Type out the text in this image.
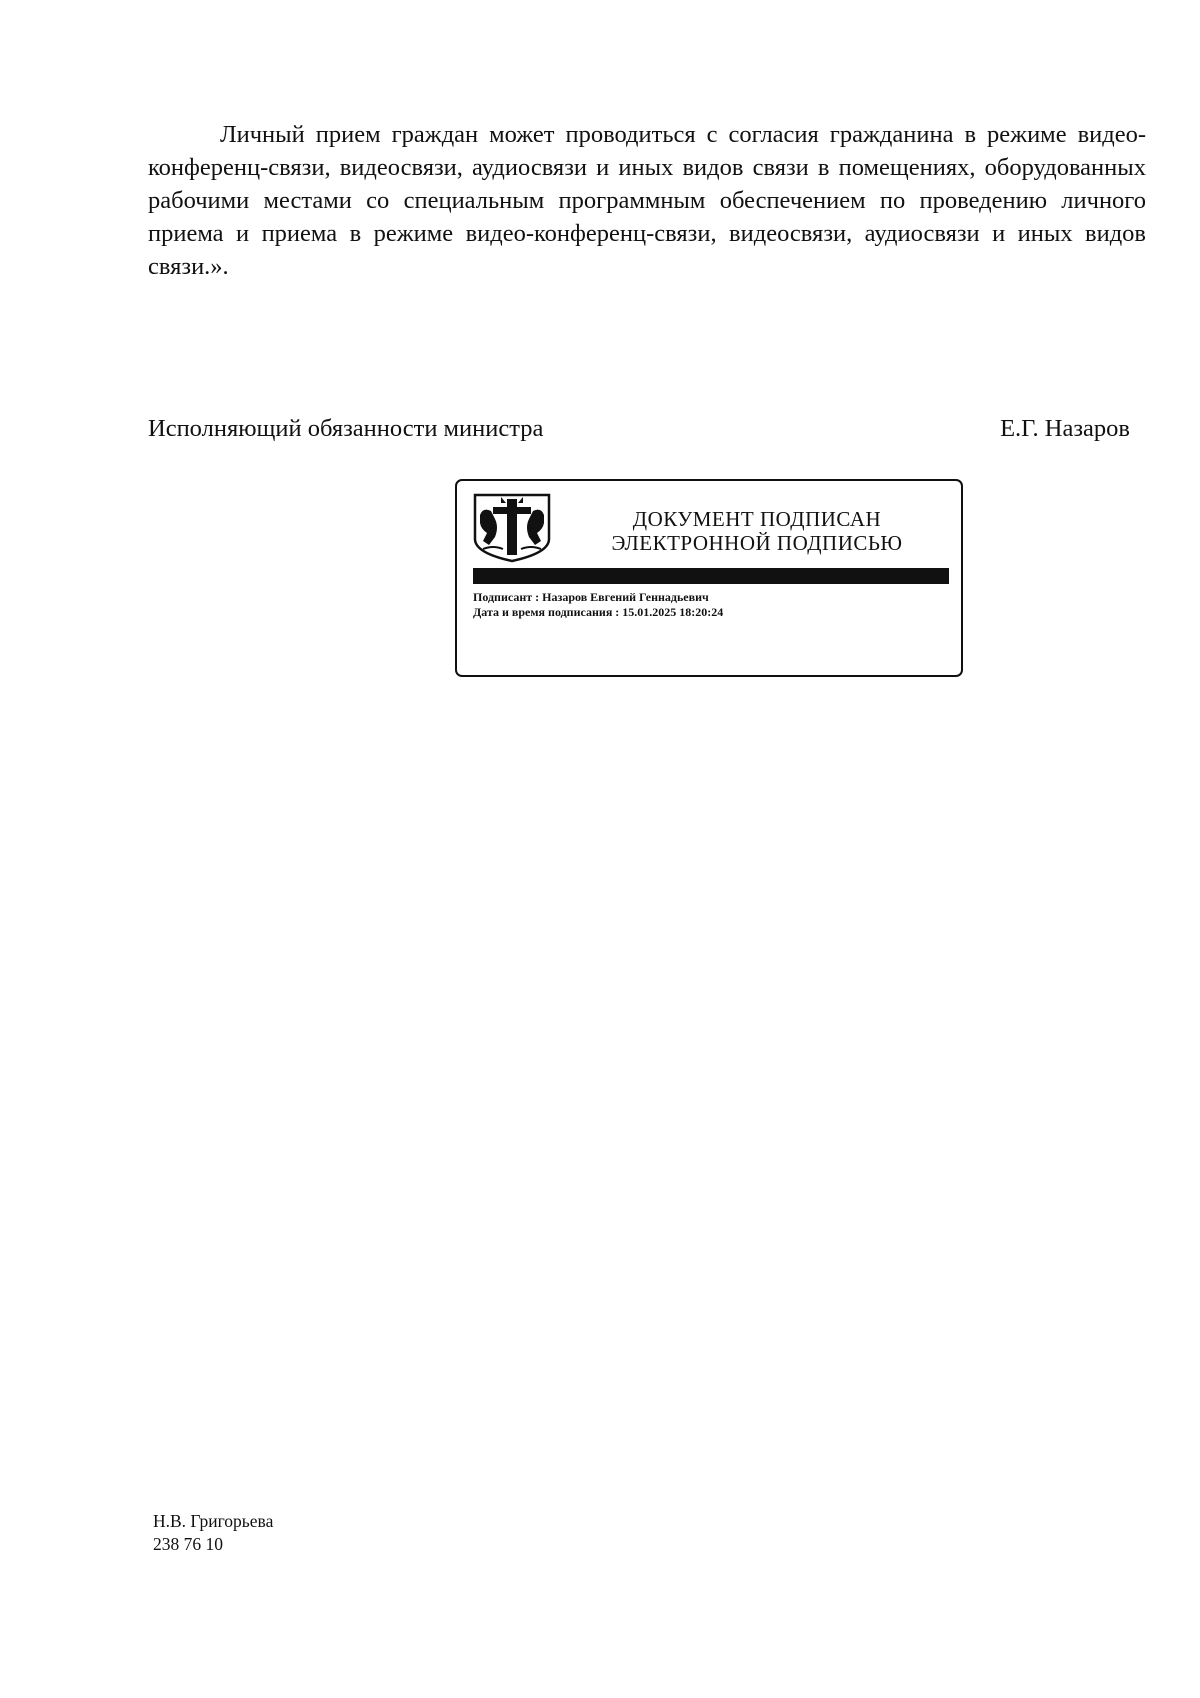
Личный прием граждан может проводиться с согласия гражданина в режиме видео-конференц-связи, видеосвязи, аудиосвязи и иных видов связи в помещениях, оборудованных рабочими местами со специальным программным обеспечением по проведению личного приема и приема в режиме видео-конференц-связи, видеосвязи, аудиосвязи и иных видов связи.».

Исполняющий обязанности министра	Е.Г. Назаров
ДОКУМЕНТ ПОДПИСАН
ЭЛЕКТРОННОЙ ПОДПИСЬЮ
Подписант : Назаров Евгений Геннадьевич
Дата и время подписания : 15.01.2025 18:20:24
Н.В. Григорьева
238 76 10
